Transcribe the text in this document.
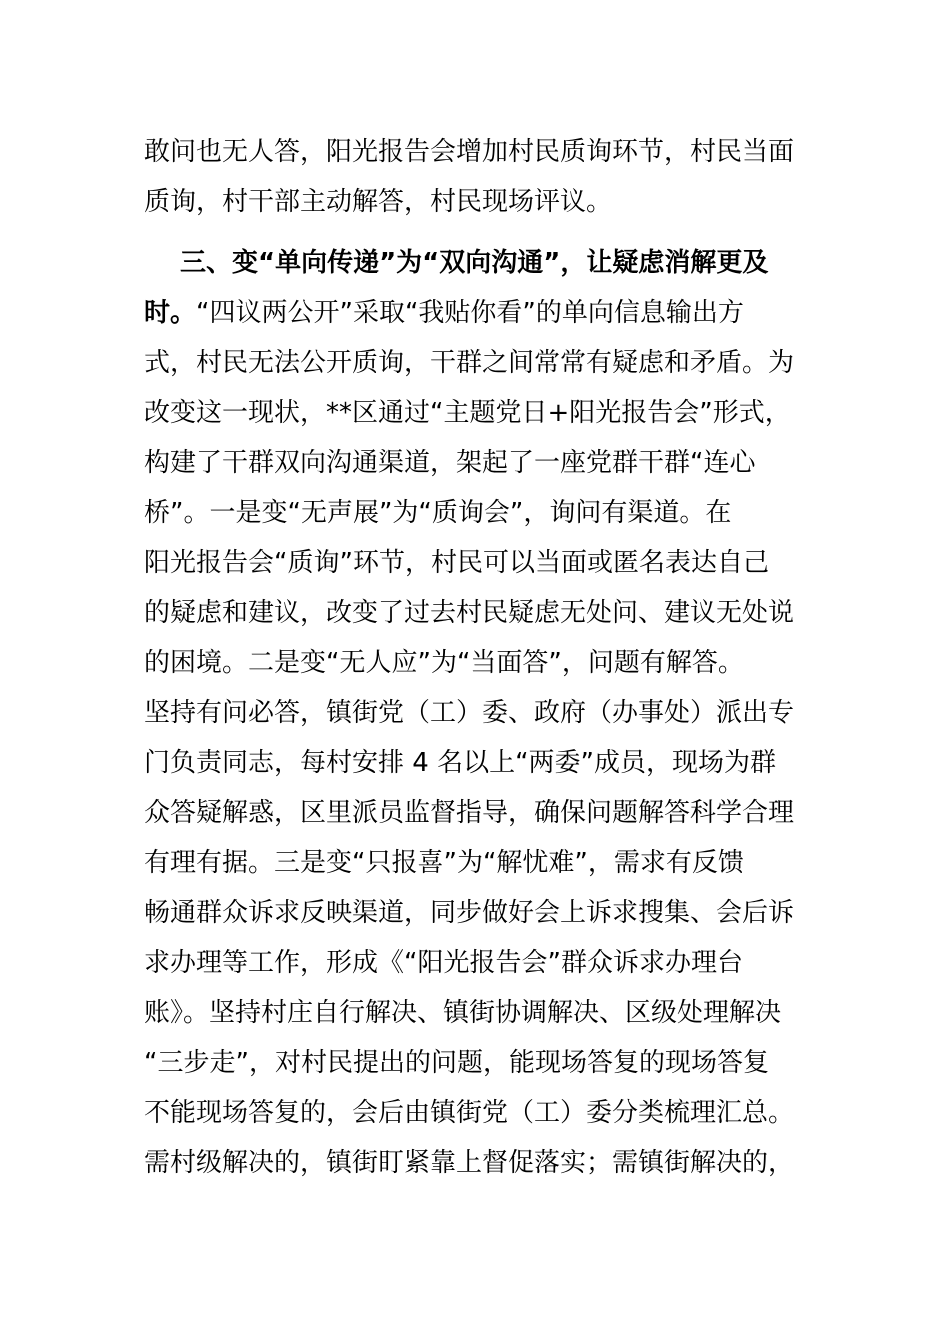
敢问也无人答，阳光报告会增加村民质询环节，村民当面
质询，村干部主动解答，村民现场评议。
三、变“单向传递”为“双向沟通”，让疑虑消解更及
时。“四议两公开”采取“我贴你看”的单向信息输出方
式，村民无法公开质询，干群之间常常有疑虑和矛盾。为
改变这一现状，**区通过“主题党日+阳光报告会”形式，
构建了干群双向沟通渠道，架起了一座党群干群“连心
桥”。一是变“无声展”为“质询会”，询问有渠道。在
阳光报告会“质询”环节，村民可以当面或匿名表达自己
的疑虑和建议，改变了过去村民疑虑无处问、建议无处说
的困境。二是变“无人应”为“当面答”，问题有解答。
坚持有问必答，镇街党（工）委、政府（办事处）派出专
门负责同志，每村安排 4 名以上“两委”成员，现场为群
众答疑解惑，区里派员监督指导，确保问题解答科学合理
有理有据。三是变“只报喜”为“解忧难”，需求有反馈
畅通群众诉求反映渠道，同步做好会上诉求搜集、会后诉
求办理等工作，形成《“阳光报告会”群众诉求办理台
账》。坚持村庄自行解决、镇街协调解决、区级处理解决
“三步走”，对村民提出的问题，能现场答复的现场答复
不能现场答复的，会后由镇街党（工）委分类梳理汇总。
需村级解决的，镇街盯紧靠上督促落实；需镇街解决的，
